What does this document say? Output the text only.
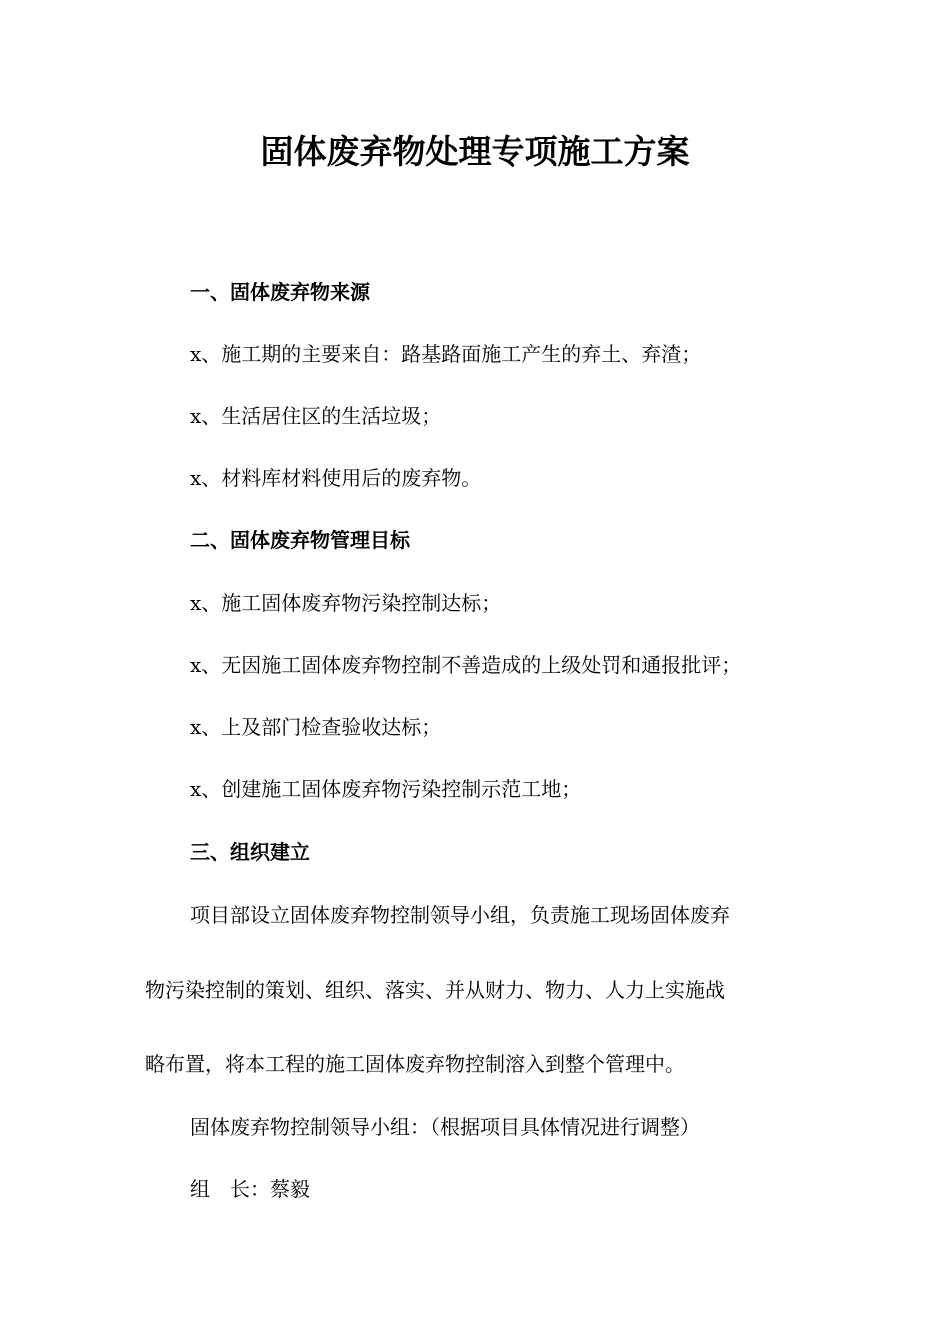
固体废弃物处理专项施工方案
一、固体废弃物来源
x、施工期的主要来自：路基路面施工产生的弃土、弃渣；
x、生活居住区的生活垃圾；
x、材料库材料使用后的废弃物。
二、固体废弃物管理目标
x、施工固体废弃物污染控制达标；
x、无因施工固体废弃物控制不善造成的上级处罚和通报批评；
x、上及部门检查验收达标；
x、创建施工固体废弃物污染控制示范工地；
三、组织建立
项目部设立固体废弃物控制领导小组，负责施工现场固体废弃
物污染控制的策划、组织、落实、并从财力、物力、人力上实施战
略布置，将本工程的施工固体废弃物控制溶入到整个管理中。
固体废弃物控制领导小组：（根据项目具体情况进行调整）
组　长：蔡毅
